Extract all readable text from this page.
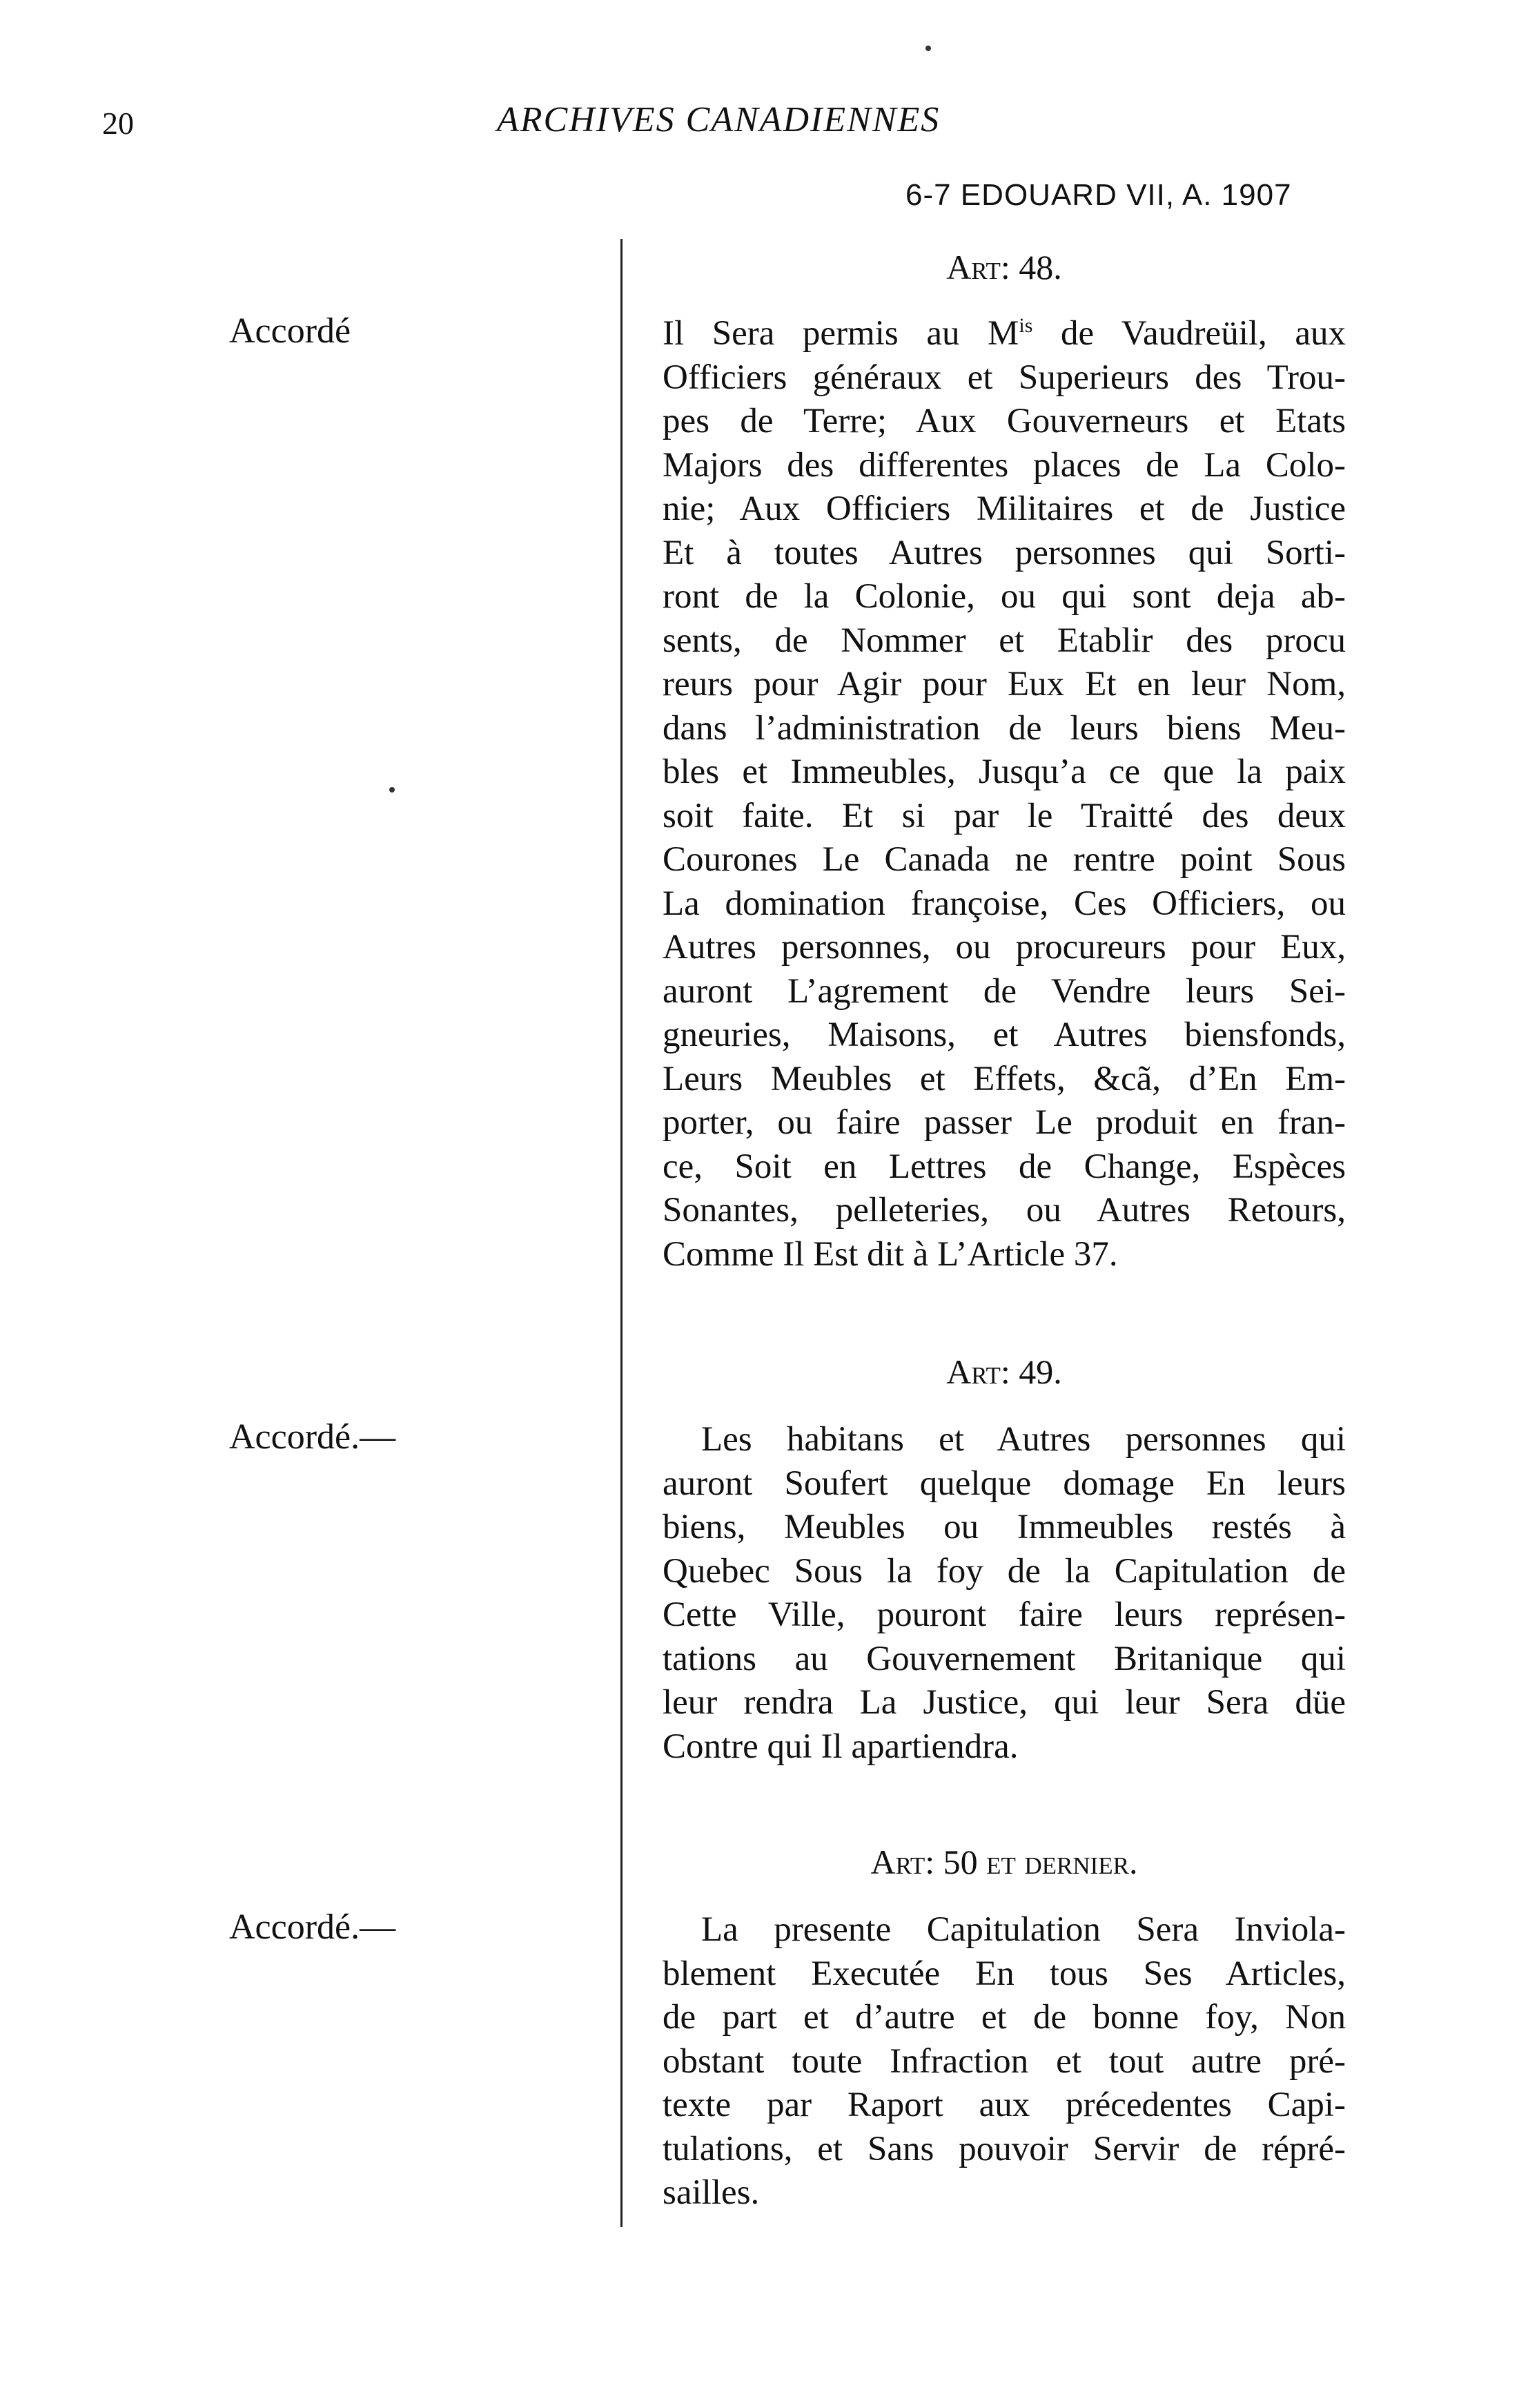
20	ARCHIVES CANADIENNES
6-7 EDOUARD VII, A. 1907
Art: 48.
Accordé	Il Sera permis au $M^{is}$ de Vaudreüil, aux
Officiers généraux et Superieurs des Trou-
pes de Terre; Aux Gouverneurs et Etats
Majors des differentes places de La Colo-
nie; Aux Officiers Militaires et de Justice
Et à toutes Autres personnes qui Sorti-
ront de la Colonie, ou qui sont deja ab-
sents, de Nommer et Etablir des procu
reurs pour Agir pour Eux Et en leur Nom,
dans l’administration de leurs biens Meu-
bles et Immeubles, Jusqu’a ce que la paix
soit faite. Et si par le Traitté des deux
Courones Le Canada ne rentre point Sous
La domination françoise, Ces Officiers, ou
Autres personnes, ou procureurs pour Eux,
auront L’agrement de Vendre leurs Sei-
gneuries, Maisons, et Autres biensfonds,
Leurs Meubles et Effets, &cã, d’En Em-
porter, ou faire passer Le produit en fran-
ce, Soit en Lettres de Change, Espèces
Sonantes, pelleteries, ou Autres Retours,
Comme Il Est dit à L’Article 37.
Art: 49.
Accordé.—	Les habitans et Autres personnes qui
auront Soufert quelque domage En leurs
biens, Meubles ou Immeubles restés à
Quebec Sous la foy de la Capitulation de
Cette Ville, pouront faire leurs représen-
tations au Gouvernement Britanique qui
leur rendra La Justice, qui leur Sera düe
Contre qui Il apartiendra.
Art: 50 et dernier.
Accordé.—	La presente Capitulation Sera Inviola-
blement Executée En tous Ses Articles,
de part et d’autre et de bonne foy, Non
obstant toute Infraction et tout autre pré-
texte par Raport aux précedentes Capi-
tulations, et Sans pouvoir Servir de répré-
sailles.
